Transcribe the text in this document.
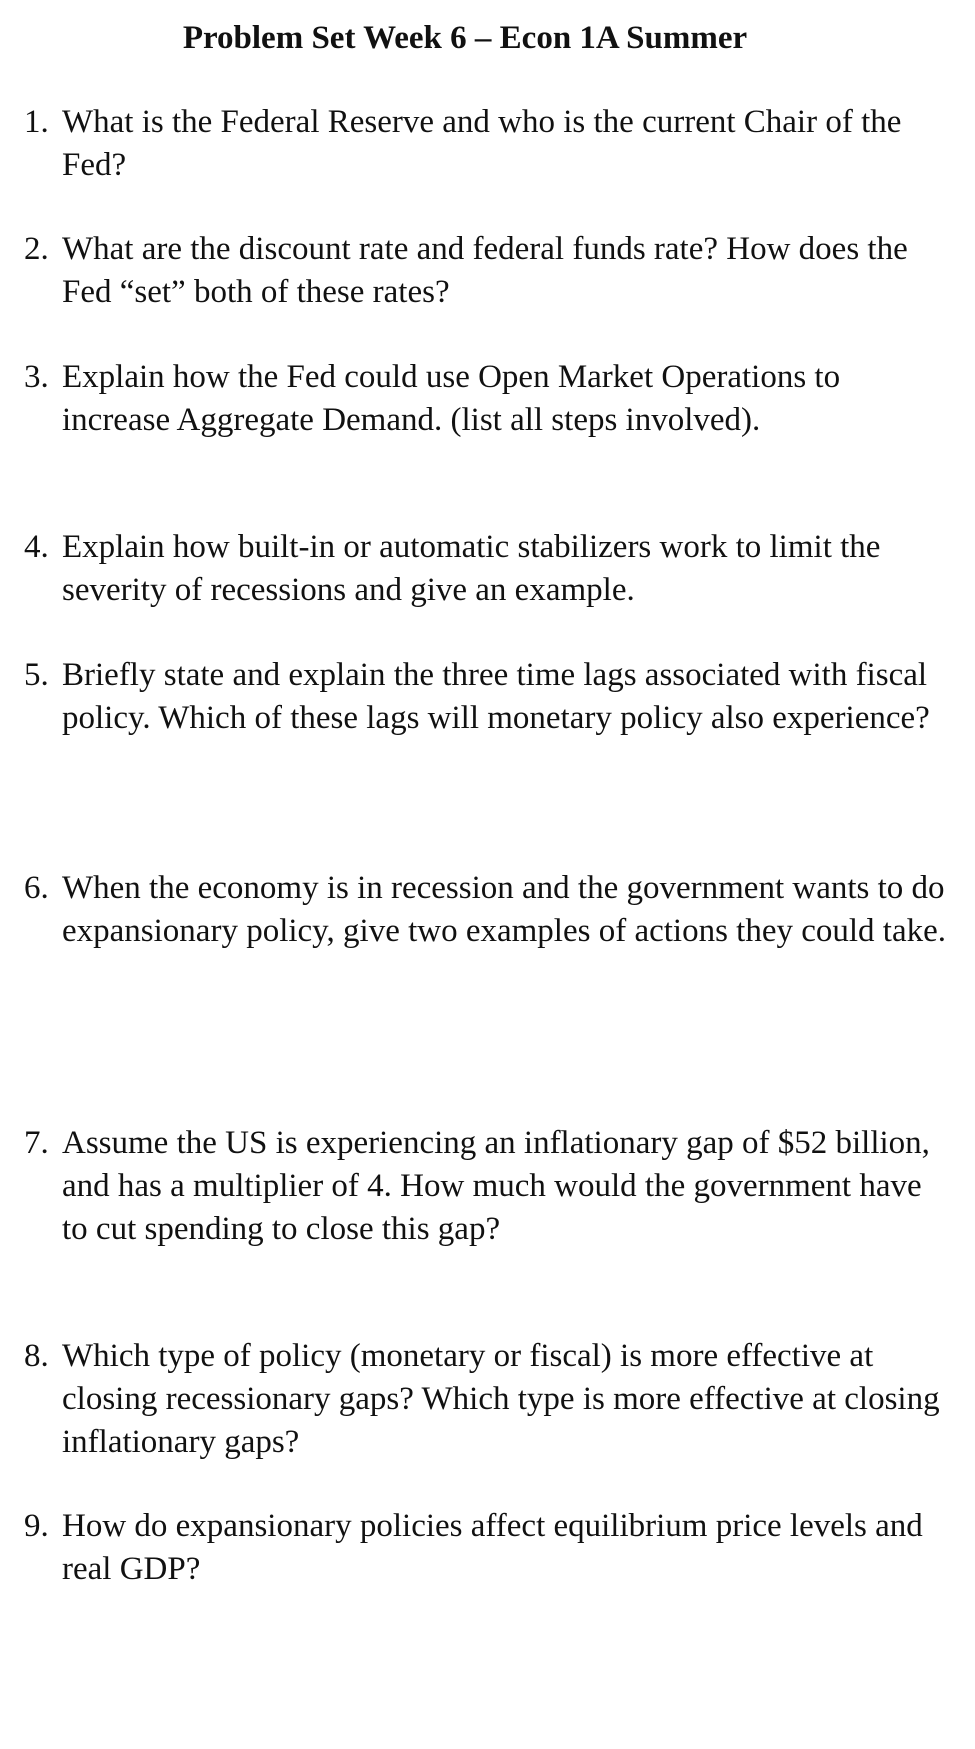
Problem Set Week 6 – Econ 1A Summer
1. What is the Federal Reserve and who is the current Chair of the Fed?
2. What are the discount rate and federal funds rate? How does the Fed “set” both of these rates?
3. Explain how the Fed could use Open Market Operations to increase Aggregate Demand. (list all steps involved).
4. Explain how built-in or automatic stabilizers work to limit the severity of recessions and give an example.
5. Briefly state and explain the three time lags associated with fiscal policy. Which of these lags will monetary policy also experience?
6. When the economy is in recession and the government wants to do expansionary policy, give two examples of actions they could take.
7. Assume the US is experiencing an inflationary gap of $52 billion, and has a multiplier of 4. How much would the government have to cut spending to close this gap?
8. Which type of policy (monetary or fiscal) is more effective at closing recessionary gaps? Which type is more effective at closing inflationary gaps?
9. How do expansionary policies affect equilibrium price levels and real GDP?
